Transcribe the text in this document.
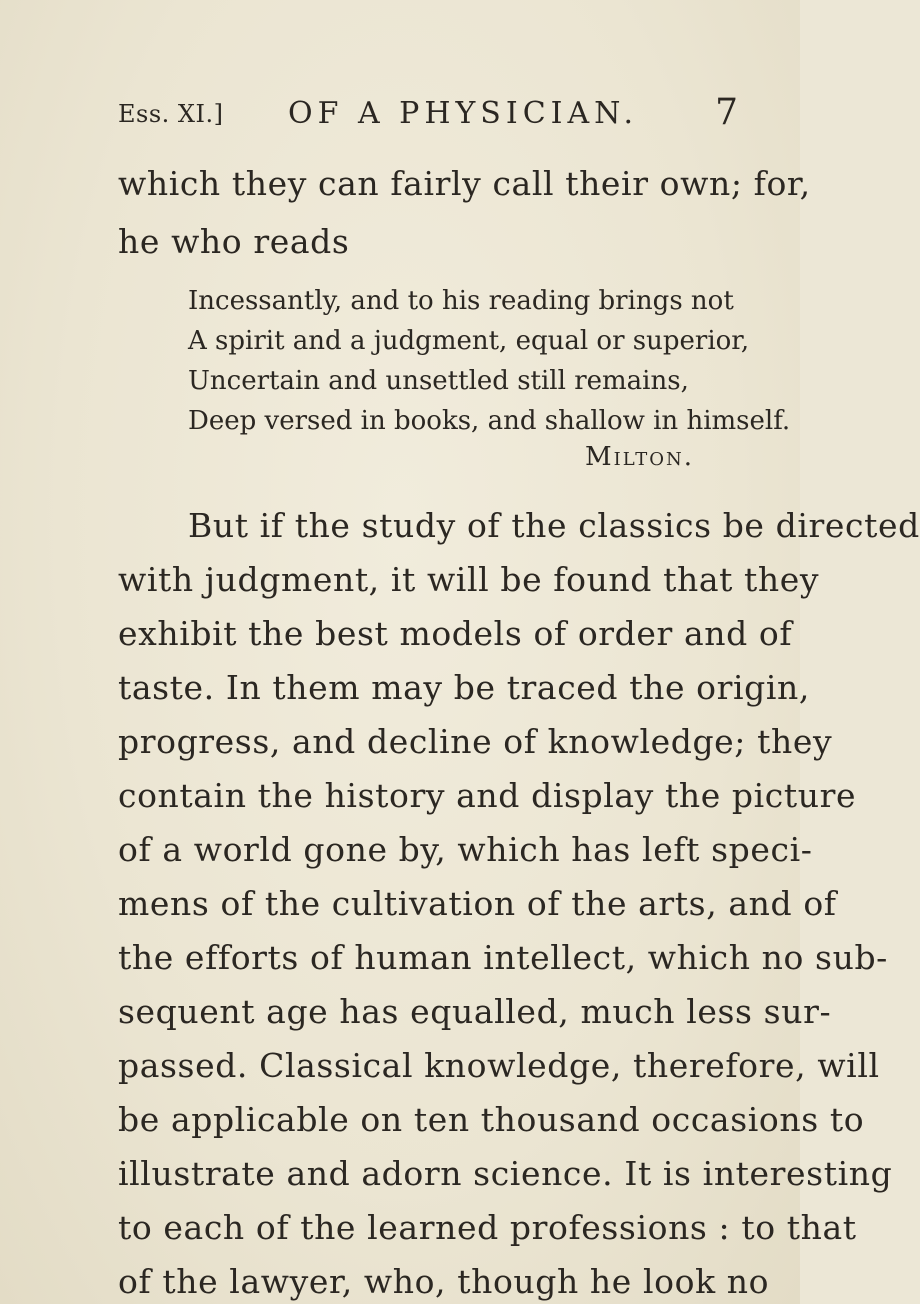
Ess. XI.] OF A PHYSICIAN. 7
which they can fairly call their own; for,
he who reads
Incessantly, and to his reading brings not
A spirit and a judgment, equal or superior,
Uncertain and unsettled still remains,
Deep versed in books, and shallow in himself.
Milton.
But if the study of the classics be directed
with judgment, it will be found that they
exhibit the best models of order and of
taste. In them may be traced the origin,
progress, and decline of knowledge; they
contain the history and display the picture
of a world gone by, which has left speci-
mens of the cultivation of the arts, and of
the efforts of human intellect, which no sub-
sequent age has equalled, much less sur-
passed. Classical knowledge, therefore, will
be applicable on ten thousand occasions to
illustrate and adorn science. It is interesting
to each of the learned professions : to that
of the lawyer, who, though he look no
